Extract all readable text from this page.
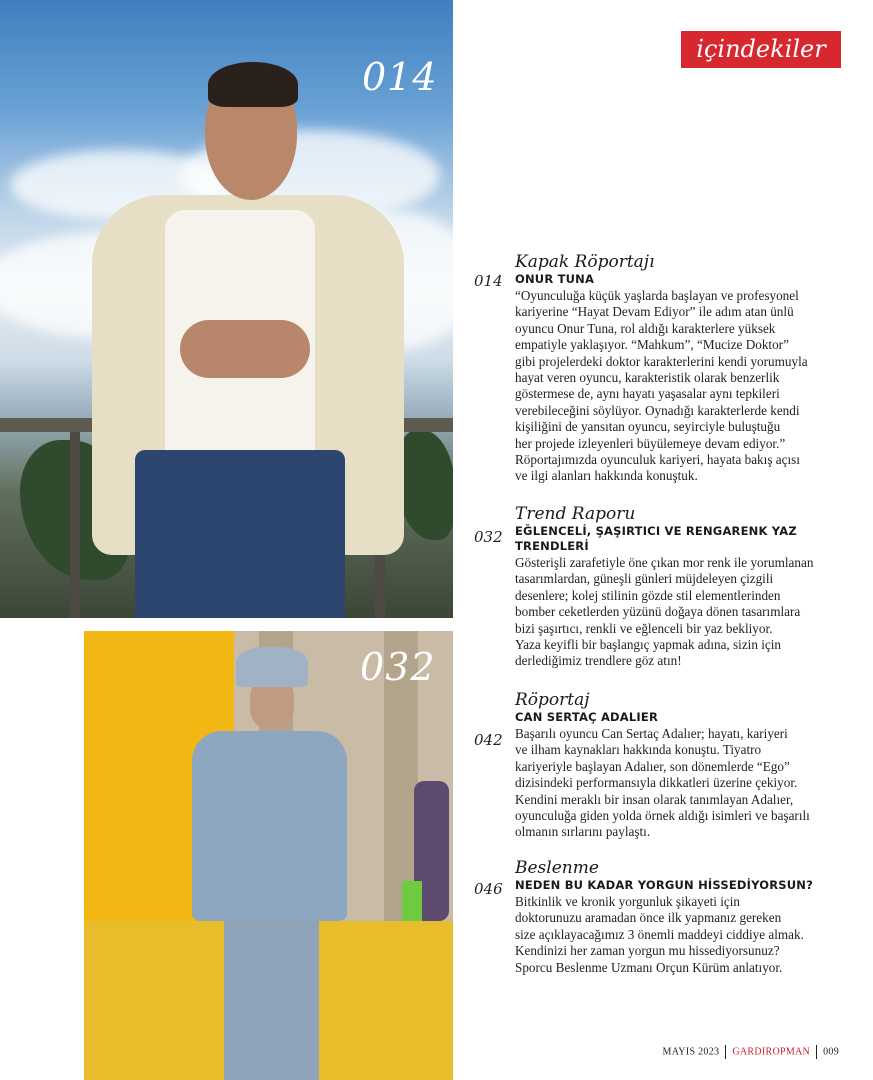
014
032
içindekiler
014
Kapak Röportajı
ONUR TUNA
“Oyunculuğa küçük yaşlarda başlayan ve profesyonel
kariyerine “Hayat Devam Ediyor” ile adım atan ünlü
oyuncu Onur Tuna, rol aldığı karakterlere yüksek
empatiyle yaklaşıyor. “Mahkum”, “Mucize Doktor”
gibi projelerdeki doktor karakterlerini kendi yorumuyla
hayat veren oyuncu, karakteristik olarak benzerlik
göstermese de, aynı hayatı yaşasalar aynı tepkileri
verebileceğini söylüyor. Oynadığı karakterlerde kendi
kişiliğini de yansıtan oyuncu, seyirciyle buluştuğu
her projede izleyenleri büyülemeye devam ediyor.”
Röportajımızda oyunculuk kariyeri, hayata bakış açısı
ve ilgi alanları hakkında konuştuk.
032
Trend Raporu
EĞLENCELİ, ŞAŞIRTICI VE RENGARENK YAZ
TRENDLERİ
Gösterişli zarafetiyle öne çıkan mor renk ile yorumlanan
tasarımlardan, güneşli günleri müjdeleyen çizgili
desenlere; kolej stilinin gözde stil elementlerinden
bomber ceketlerden yüzünü doğaya dönen tasarımlara
bizi şaşırtıcı, renkli ve eğlenceli bir yaz bekliyor.
Yaza keyifli bir başlangıç yapmak adına, sizin için
derlediğimiz trendlere göz atın!
042
Röportaj
CAN SERTAÇ ADALIER
Başarılı oyuncu Can Sertaç Adalıer; hayatı, kariyeri
ve ilham kaynakları hakkında konuştu. Tiyatro
kariyeriyle başlayan Adalıer, son dönemlerde “Ego”
dizisindeki performansıyla dikkatleri üzerine çekiyor.
Kendini meraklı bir insan olarak tanımlayan Adalıer,
oyunculuğa giden yolda örnek aldığı isimleri ve başarılı
olmanın sırlarını paylaştı.
046
Beslenme
NEDEN BU KADAR YORGUN HİSSEDİYORSUN?
Bitkinlik ve kronik yorgunluk şikayeti için
doktorunuzu aramadan önce ilk yapmanız gereken
size açıklayacağımız 3 önemli maddeyi ciddiye almak.
Kendinizi her zaman yorgun mu hissediyorsunuz?
Sporcu Beslenme Uzmanı Orçun Kürüm anlatıyor.
MAYIS 2023 GARDIROPMAN 009
